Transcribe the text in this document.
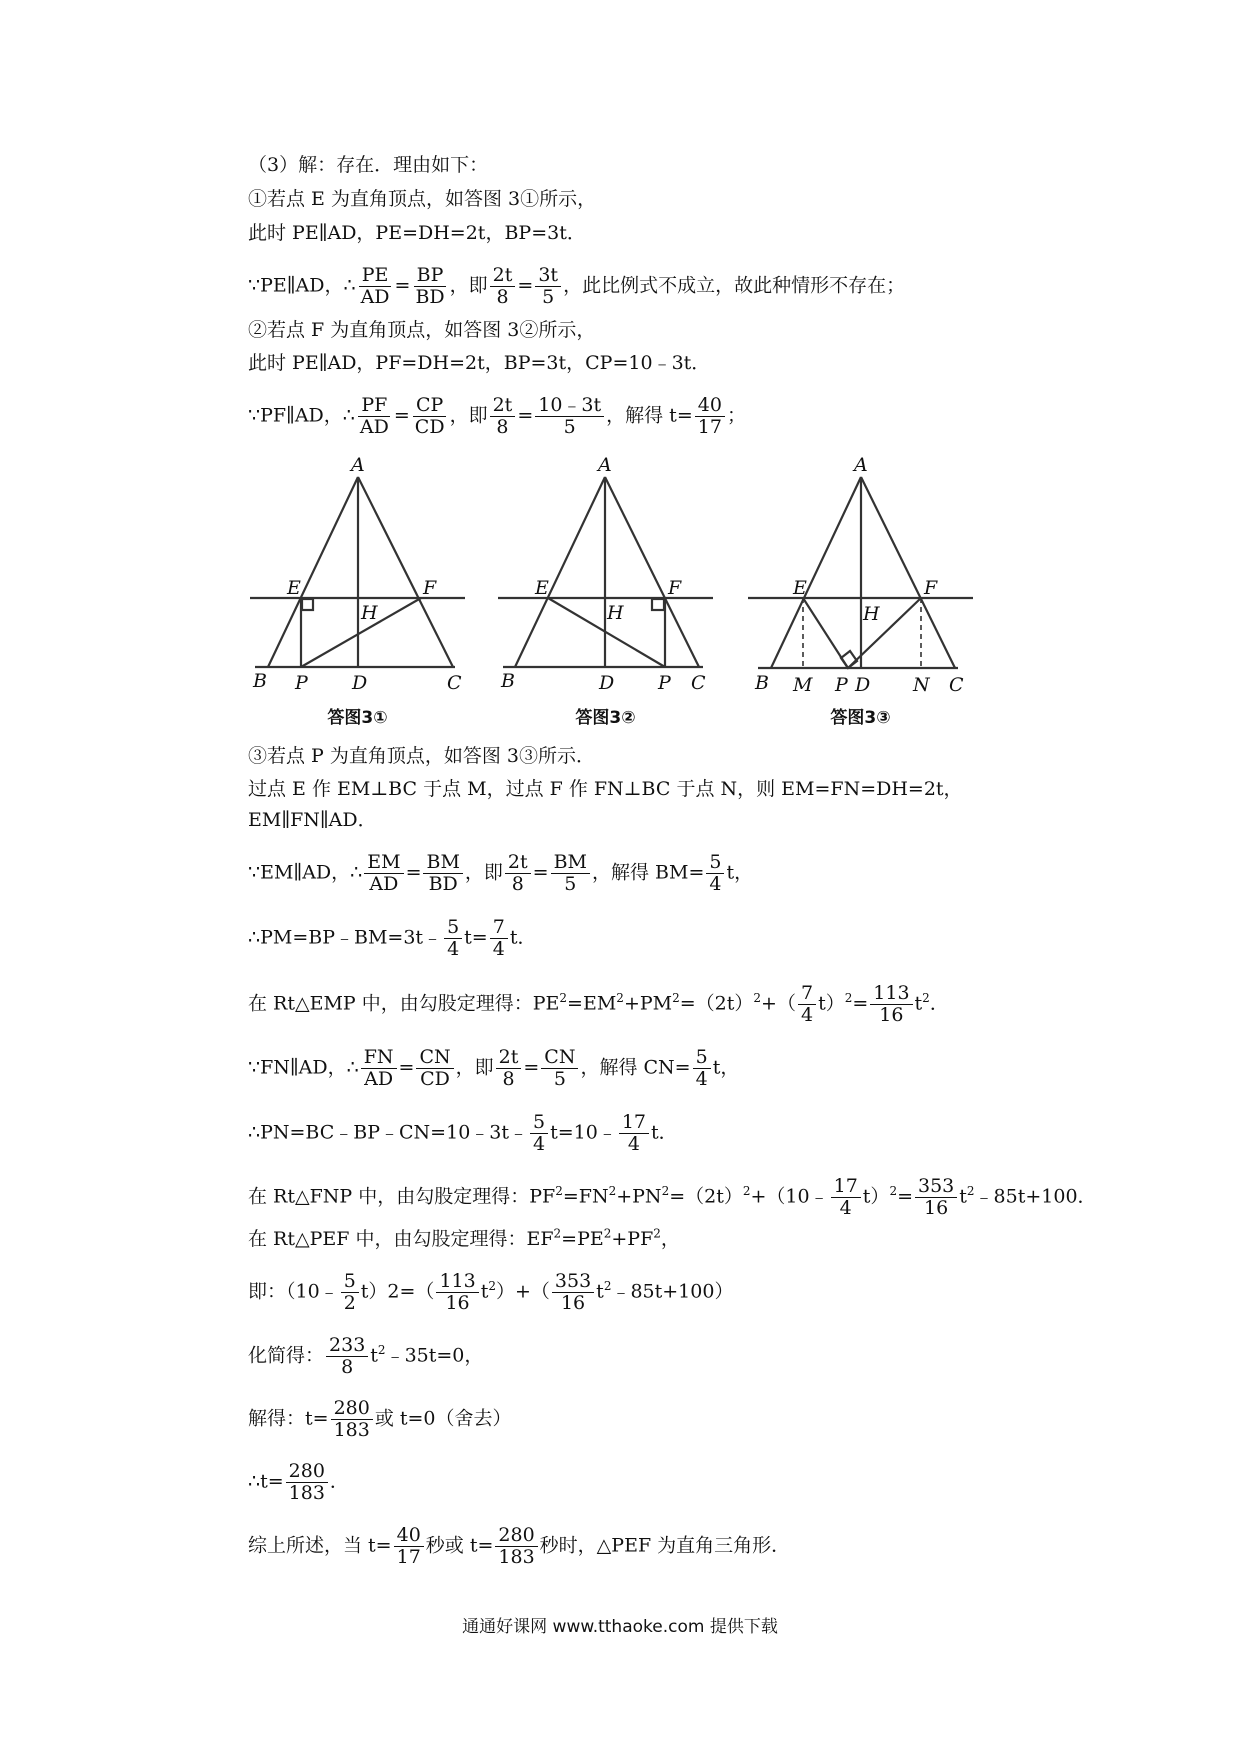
（3）解：存在．理由如下：
①若点 E 为直角顶点，如答图 3①所示，
此时 PE∥AD，PE=DH=2t，BP=3t．
∵PE∥AD，∴ $\frac{PE}{AD} = \frac{BP}{BD}$ ，即 $\frac{2t}{8} = \frac{3t}{5}$ ，此比例式不成立，故此种情形不存在；
②若点 F 为直角顶点，如答图 3②所示，
此时 PE∥AD，PF=DH=2t，BP=3t，CP=10﹣3t．
∵PF∥AD，∴ $\frac{PF}{AD} = \frac{CP}{CD}$ ，即 $\frac{2t}{8} = \frac{10﹣3t}{5}$ ，解得 $t= \frac{40}{17}$ ；
A
E	F
H
B P D	C
答图3①
A
E	F
H
B	D P C
答图3②
A
E	F
H
B M P D N C
答图3③
③若点 P 为直角顶点，如答图 3③所示．
过点 E 作 EM⊥BC 于点 M，过点 F 作 FN⊥BC 于点 N，则 EM=FN=DH=2t，
EM∥FN∥AD．
∵EM∥AD，∴ $\frac{EM}{AD} = \frac{BM}{BD}$ ，即 $\frac{2t}{8} = \frac{BM}{5}$ ，解得 $BM= \frac{5}{4}$ t，
∴PM=BP﹣BM=3t﹣ $\frac{5}{4} t= \frac{7}{4}$ t．
在 Rt△EMP 中，由勾股定理得：$PE^2=EM^2+PM^2=(2t)^2+( \frac{7}{4} t)^2= \frac{113}{16} t^2$．
∵FN∥AD，∴ $\frac{FN}{AD} = \frac{CN}{CD}$ ，即 $\frac{2t}{8} = \frac{CN}{5}$ ，解得 $CN= \frac{5}{4}$ t，
∴PN=BC﹣BP﹣CN=10﹣3t﹣ $\frac{5}{4}$ t=10﹣ $\frac{17}{4}$ t．
在 Rt△FNP 中，由勾股定理得：$PF^2=FN^2+PN^2=(2t)^2+(10﹣ \frac{17}{4} t)^2= \frac{353}{16}$ $t^2﹣85t+100$．
在 Rt△PEF 中，由勾股定理得：$EF^2=PE^2+PF^2$，
即：（10﹣ $\frac{5}{2} t)2=( \frac{113}{16} t^2)+( \frac{353}{16}$ $t^2﹣85t+100$）
化简得： $\frac{233}{8}$ $t^2﹣35t=0$，
解得：$t= \frac{280}{183}$ 或 t=0（舍去）
∴t= $\frac{280}{183}$ ．
综上所述，当 $t= \frac{40}{17}$ 秒或 $t= \frac{280}{183}$ 秒时，△PEF 为直角三角形．
通通好课网 www.tthaoke.com 提供下载
